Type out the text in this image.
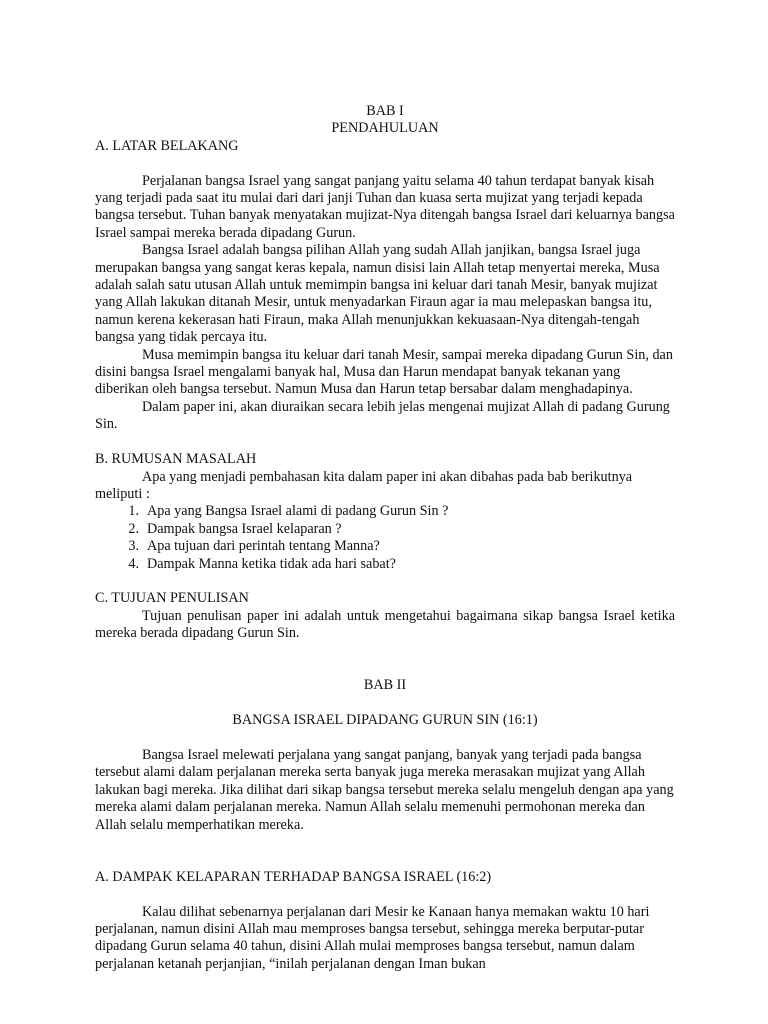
BAB I
PENDAHULUAN
A. LATAR BELAKANG

Perjalanan bangsa Israel yang sangat panjang yaitu selama 40 tahun terdapat banyak kisah yang terjadi pada saat itu mulai dari dari janji Tuhan dan kuasa serta mujizat yang terjadi kepada bangsa tersebut. Tuhan banyak menyatakan mujizat-Nya ditengah bangsa Israel dari keluarnya bangsa Israel sampai mereka berada dipadang Gurun.

Bangsa Israel adalah bangsa pilihan Allah yang sudah Allah janjikan, bangsa Israel juga merupakan bangsa yang sangat keras kepala, namun disisi lain Allah tetap menyertai mereka, Musa adalah salah satu utusan Allah untuk memimpin bangsa ini keluar dari tanah Mesir, banyak mujizat yang Allah lakukan ditanah Mesir, untuk menyadarkan Firaun agar ia mau melepaskan bangsa itu, namun kerena kekerasan hati Firaun, maka Allah menunjukkan kekuasaan-Nya ditengah-tengah bangsa yang tidak percaya itu.

Musa memimpin bangsa itu keluar dari tanah Mesir, sampai mereka dipadang Gurun Sin, dan disini bangsa Israel mengalami banyak hal, Musa dan Harun mendapat banyak tekanan yang diberikan oleh bangsa tersebut. Namun Musa dan Harun tetap bersabar dalam menghadapinya.

Dalam paper ini, akan diuraikan secara lebih jelas mengenai mujizat Allah di padang Gurung Sin.

B. RUMUSAN MASALAH

Apa yang menjadi pembahasan kita dalam paper ini akan dibahas pada bab berikutnya meliputi :

1. Apa yang Bangsa Israel alami di padang Gurun Sin ?
2. Dampak bangsa Israel kelaparan ?
3. Apa tujuan dari perintah tentang Manna?
4. Dampak Manna ketika tidak ada hari sabat?
C. TUJUAN PENULISAN

Tujuan penulisan paper ini adalah untuk mengetahui bagaimana sikap bangsa Israel ketika mereka berada dipadang Gurun Sin.

BAB II
BANGSA ISRAEL DIPADANG GURUN SIN (16:1)

Bangsa Israel melewati perjalana yang sangat panjang, banyak yang terjadi pada bangsa tersebut alami dalam perjalanan mereka serta banyak juga mereka merasakan mujizat yang Allah lakukan bagi mereka. Jika dilihat dari sikap bangsa tersebut mereka selalu mengeluh dengan apa yang mereka alami dalam perjalanan mereka. Namun Allah selalu memenuhi permohonan mereka dan Allah selalu memperhatikan mereka.

A. DAMPAK KELAPARAN TERHADAP BANGSA ISRAEL (16:2)

Kalau dilihat sebenarnya perjalanan dari Mesir ke Kanaan hanya memakan waktu 10 hari perjalanan, namun disini Allah mau memproses bangsa tersebut, sehingga mereka berputar-putar dipadang Gurun selama 40 tahun, disini Allah mulai memproses bangsa tersebut, namun dalam perjalanan ketanah perjanjian, “inilah perjalanan dengan Iman bukan
